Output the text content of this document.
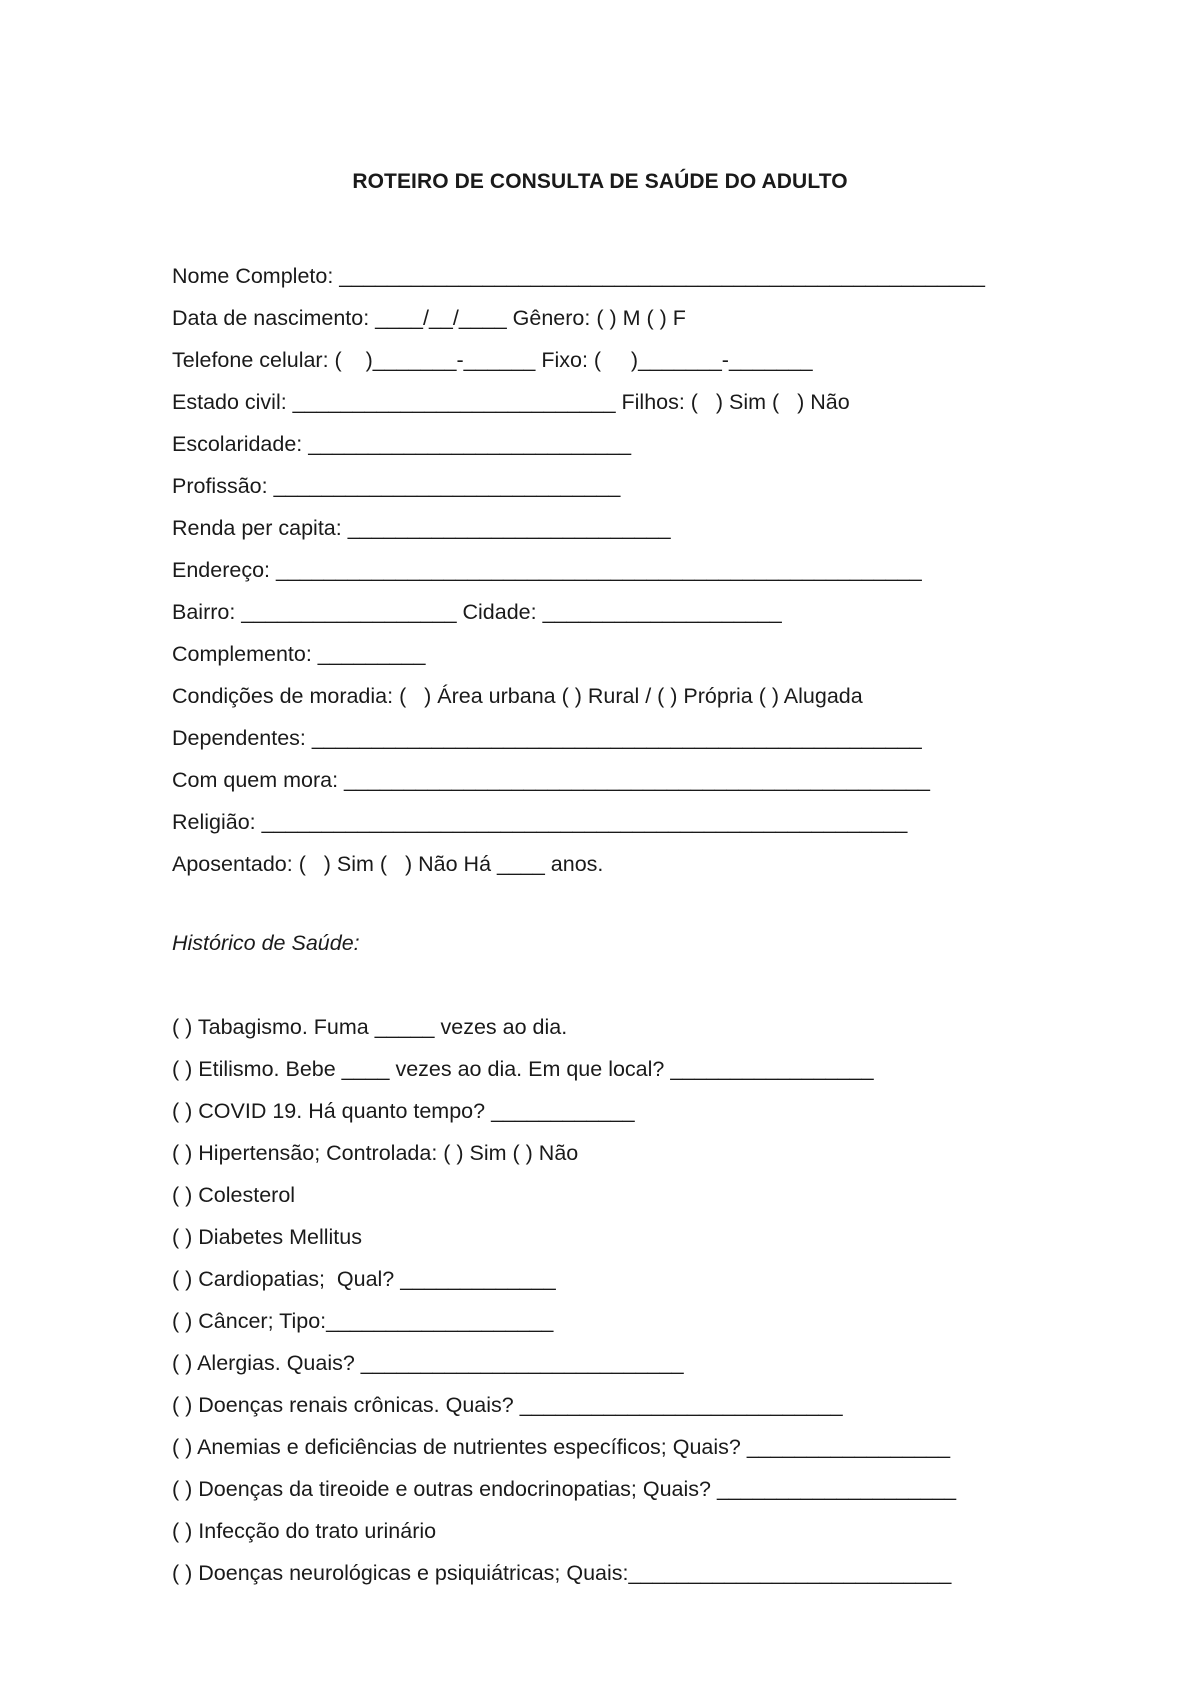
ROTEIRO DE CONSULTA DE SAÚDE DO ADULTO
Nome Completo: ______________________________________________________
Data de nascimento: ____/__/____ Gênero: ( ) M ( ) F
Telefone celular: (    )_______-______ Fixo: (     )_______-_______
Estado civil: ___________________________ Filhos: (   ) Sim (   ) Não
Escolaridade: ___________________________
Profissão: _____________________________
Renda per capita: ___________________________
Endereço: ______________________________________________________
Bairro: __________________ Cidade: ____________________
Complemento: _________
Condições de moradia: (   ) Área urbana ( ) Rural / ( ) Própria ( ) Alugada
Dependentes: ___________________________________________________
Com quem mora: _________________________________________________
Religião: ______________________________________________________
Aposentado: (   ) Sim (   ) Não Há ____ anos.
Histórico de Saúde:
( ) Tabagismo. Fuma _____ vezes ao dia.
( ) Etilismo. Bebe ____ vezes ao dia. Em que local? _________________
( ) COVID 19. Há quanto tempo? ____________
( ) Hipertensão; Controlada: ( ) Sim ( ) Não
( ) Colesterol
( ) Diabetes Mellitus
( ) Cardiopatias;  Qual? _____________
( ) Câncer; Tipo:___________________
( ) Alergias. Quais? ___________________________
( ) Doenças renais crônicas. Quais? ___________________________
( ) Anemias e deficiências de nutrientes específicos; Quais? _________________
( ) Doenças da tireoide e outras endocrinopatias; Quais? ____________________
( ) Infecção do trato urinário
( ) Doenças neurológicas e psiquiátricas; Quais:___________________________
